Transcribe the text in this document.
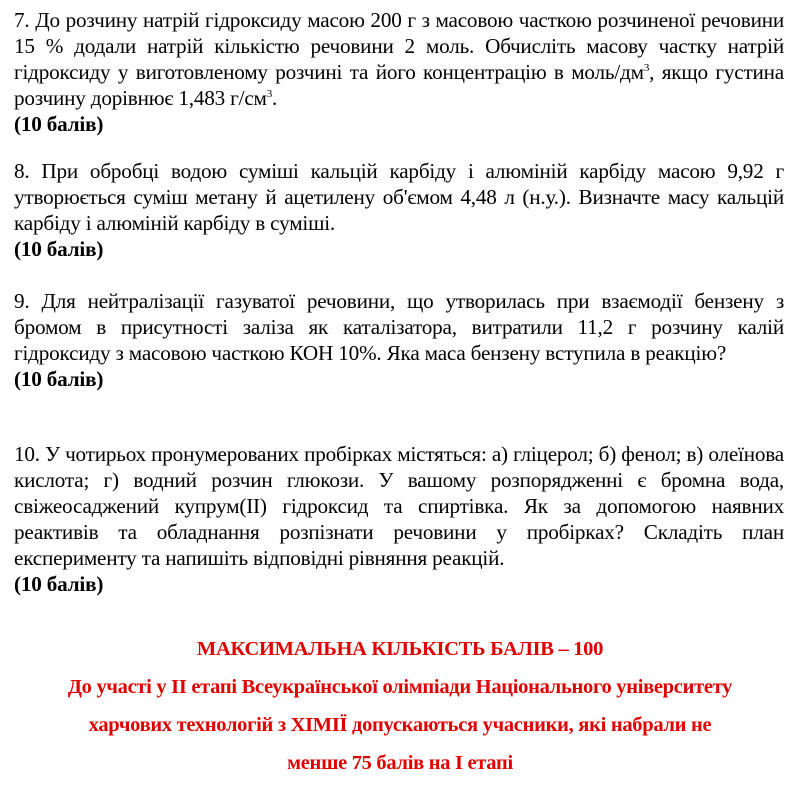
7. До розчину натрій гідроксиду масою 200 г з масовою часткою розчиненої речовини 15 % додали натрій кількістю речовини 2 моль. Обчисліть масову частку натрій гідроксиду у виготовленому розчині та його концентрацію в моль/$дм^3$, якщо густина розчину дорівнює 1,483 $г/см^3$.

(10 балів)

8. При обробці водою суміші кальцій карбіду і алюміній карбіду масою 9,92 г утворюється суміш метану й ацетилену об'ємом 4,48 л (н.у.). Визначте масу кальцій карбіду і алюміній карбіду в суміші.

(10 балів)

9. Для нейтралізації газуватої речовини, що утворилась при взаємодії бензену з бромом в присутності заліза як каталізатора, витратили 11,2 г розчину калій гідроксиду з масовою часткою КОН 10%. Яка маса бензену вступила в реакцію?

(10 балів)

10. У чотирьох пронумерованих пробірках містяться: а) гліцерол; б) фенол; в) олеїнова кислота; г) водний розчин глюкози. У вашому розпорядженні є бромна вода, свіжеосаджений купрум(II) гідроксид та спиртівка. Як за допомогою наявних реактивів та обладнання розпізнати речовини у пробірках? Складіть план експерименту та напишіть відповідні рівняння реакцій.

(10 балів)

МАКСИМАЛЬНА КІЛЬКІСТЬ БАЛІВ – 100
До участі у ІІ етапі Всеукраїнської олімпіади Національного університету
харчових технологій з ХІМІЇ допускаються учасники, які набрали не
менше 75 балів на І етапі
